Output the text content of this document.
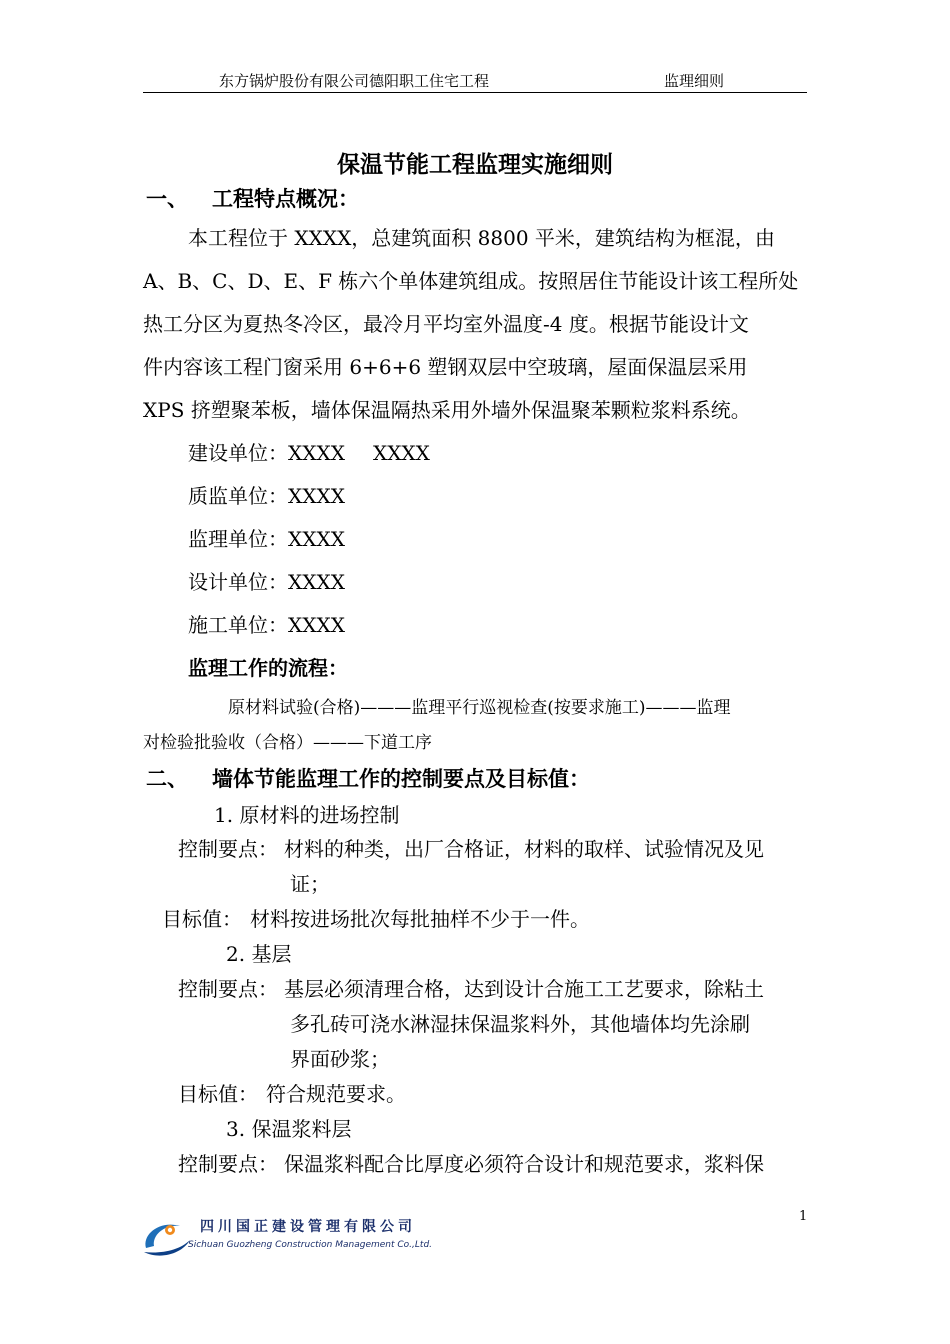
东方锅炉股份有限公司德阳职工住宅工程	监理细则
保温节能工程监理实施细则
一、 工程特点概况：
本工程位于 XXXX，总建筑面积 8800 平米，建筑结构为框混，由
A、B、C、D、E、F 栋六个单体建筑组成。按照居住节能设计该工程所处
热工分区为夏热冬冷区，最冷月平均室外温度-4 度。根据节能设计文
件内容该工程门窗采用 6+6+6 塑钢双层中空玻璃，屋面保温层采用
XPS 挤塑聚苯板，墙体保温隔热采用外墙外保温聚苯颗粒浆料系统。
建设单位：XXXX XXXX
质监单位：XXXX
监理单位：XXXX
设计单位：XXXX
施工单位：XXXX
监理工作的流程：
原材料试验(合格)———监理平行巡视检查(按要求施工)———监理
对检验批验收（合格）———下道工序
二、 墙体节能监理工作的控制要点及目标值：
1. 原材料的进场控制
控制要点： 材料的种类，出厂合格证，材料的取样、试验情况及见
证；
目标值： 材料按进场批次每批抽样不少于一件。
2. 基层
控制要点： 基层必须清理合格，达到设计合施工工艺要求，除粘土
多孔砖可浇水淋湿抹保温浆料外，其他墙体均先涂刷
界面砂浆；
目标值： 符合规范要求。
3. 保温浆料层
控制要点： 保温浆料配合比厚度必须符合设计和规范要求，浆料保
1
四川国正建设管理有限公司
Sichuan Guozheng Construction Management Co.,Ltd.
